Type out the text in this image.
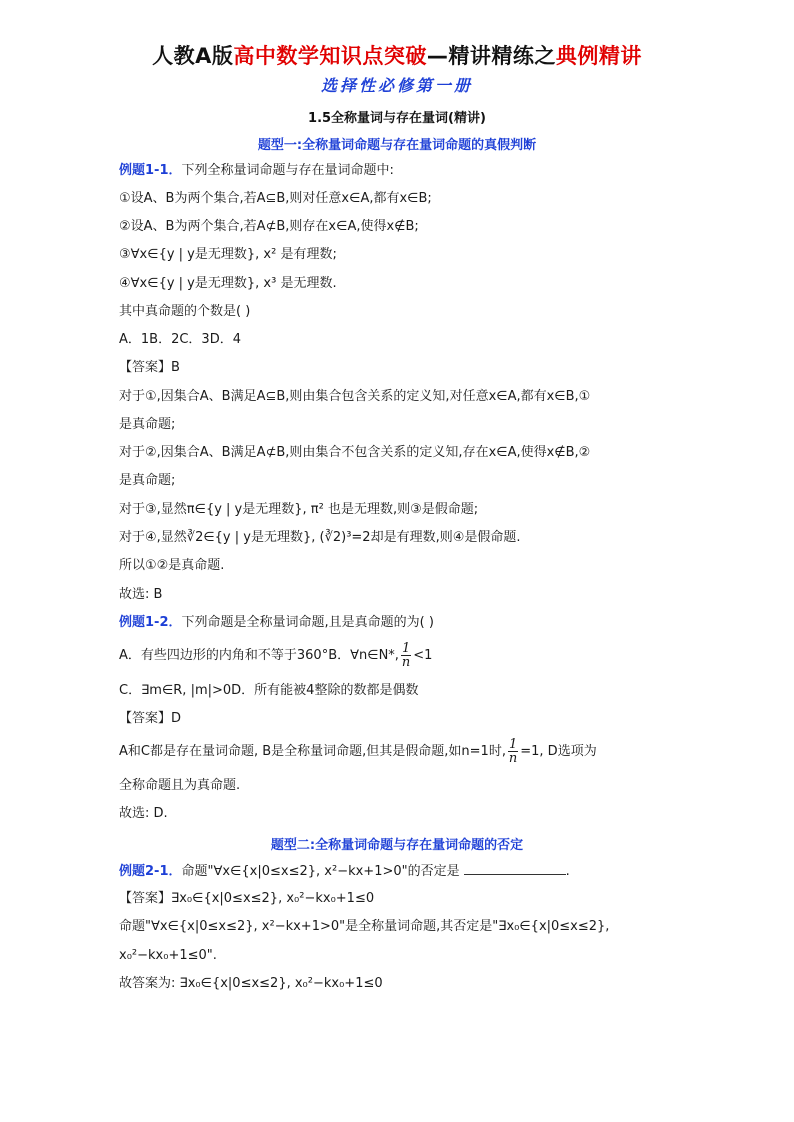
人教A版高中数学知识点突破—精讲精练之典例精讲
选择性必修第一册
1.5全称量词与存在量词(精讲)
题型一:全称量词命题与存在量词命题的真假判断
例题1-1．下列全称量词命题与存在量词命题中:
①设A、B为两个集合,若A⊆B,则对任意x∈A,都有x∈B;
②设A、B为两个集合,若A⊄B,则存在x∈A,使得x∉B;
③∀x∈{y | y是无理数}, x² 是有理数;
④∀x∈{y | y是无理数}, x³ 是无理数.
其中真命题的个数是( )
A．1B．2C．3D．4
【答案】B
对于①,因集合A、B满足A⊆B,则由集合包含关系的定义知,对任意x∈A,都有x∈B,①
是真命题;
对于②,因集合A、B满足A⊄B,则由集合不包含关系的定义知,存在x∈A,使得x∉B,②
是真命题;
对于③,显然π∈{y | y是无理数}, π² 也是无理数,则③是假命题;
对于④,显然∛2∈{y | y是无理数}, (∛2)³=2却是有理数,则④是假命题.
所以①②是真命题.
故选: B
例题1-2．下列命题是全称量词命题,且是真命题的为( )
A．有些四边形的内角和不等于360°B．∀n∈N*, $\frac{1}{n} <1$
C．∃m∈R, |m|>0D．所有能被4整除的数都是偶数
【答案】D
A和C都是存在量词命题, B是全称量词命题,但其是假命题,如n=1时, $\frac{1}{n} =1$, D选项为
全称命题且为真命题.
故选: D.
题型二:全称量词命题与存在量词命题的否定
例题2-1．命题"∀x∈{x|0≤x≤2}, x²−kx+1>0"的否定是	.
【答案】∃x₀∈{x|0≤x≤2}, x₀²−kx₀+1≤0
命题"∀x∈{x|0≤x≤2}, x²−kx+1>0"是全称量词命题,其否定是"∃x₀∈{x|0≤x≤2},
x₀²−kx₀+1≤0".
故答案为: ∃x₀∈{x|0≤x≤2}, x₀²−kx₀+1≤0
